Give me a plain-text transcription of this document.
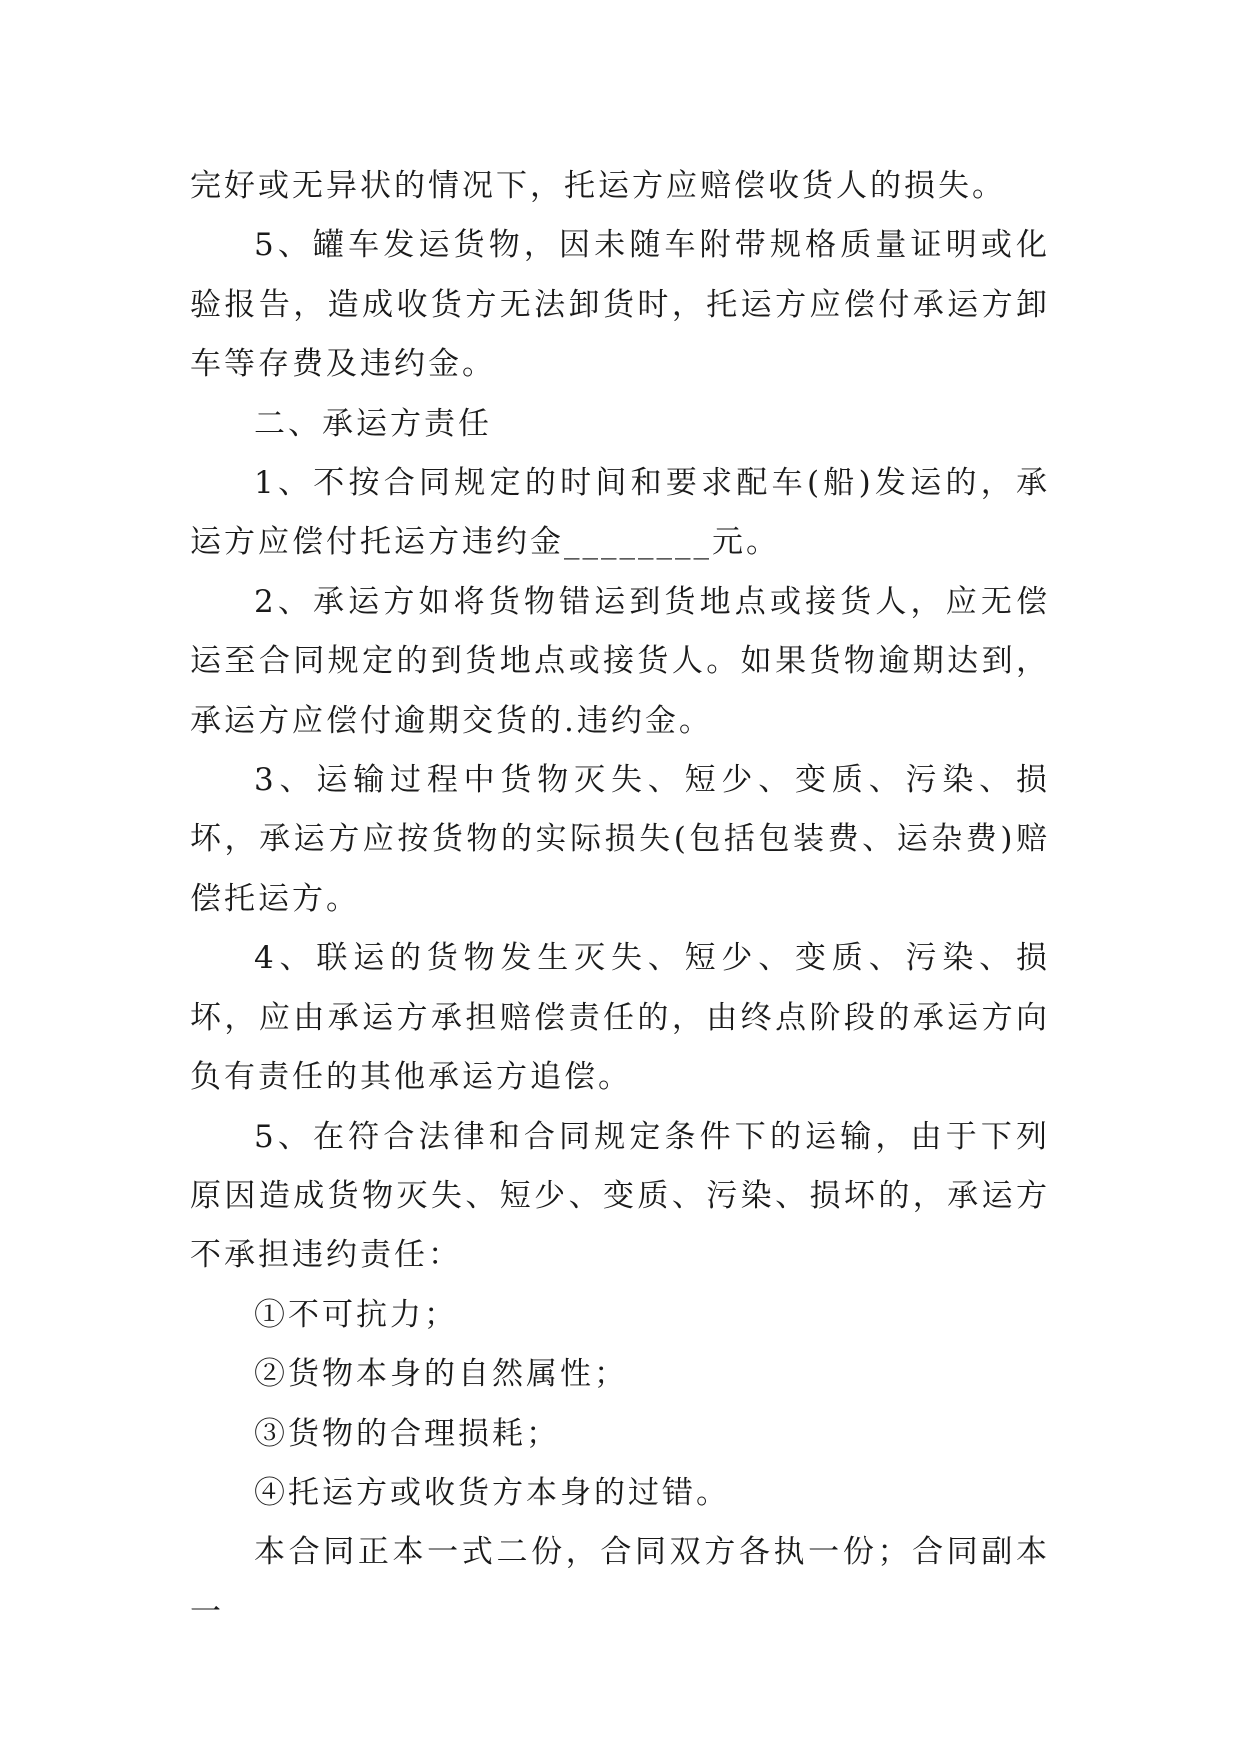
完好或无异状的情况下，托运方应赔偿收货人的损失。

5、罐车发运货物，因未随车附带规格质量证明或化验报告，造成收货方无法卸货时，托运方应偿付承运方卸车等存费及违约金。

二、承运方责任

1、不按合同规定的时间和要求配车(船)发运的，承运方应偿付托运方违约金________元。

2、承运方如将货物错运到货地点或接货人，应无偿运至合同规定的到货地点或接货人。如果货物逾期达到，承运方应偿付逾期交货的.违约金。

3、运输过程中货物灭失、短少、变质、污染、损坏，承运方应按货物的实际损失(包括包装费、运杂费)赔偿托运方。

4、联运的货物发生灭失、短少、变质、污染、损坏，应由承运方承担赔偿责任的，由终点阶段的承运方向负有责任的其他承运方追偿。

5、在符合法律和合同规定条件下的运输，由于下列原因造成货物灭失、短少、变质、污染、损坏的，承运方不承担违约责任：

①不可抗力；

②货物本身的自然属性；

③货物的合理损耗；

④托运方或收货方本身的过错。

本合同正本一式二份，合同双方各执一份；合同副本一
